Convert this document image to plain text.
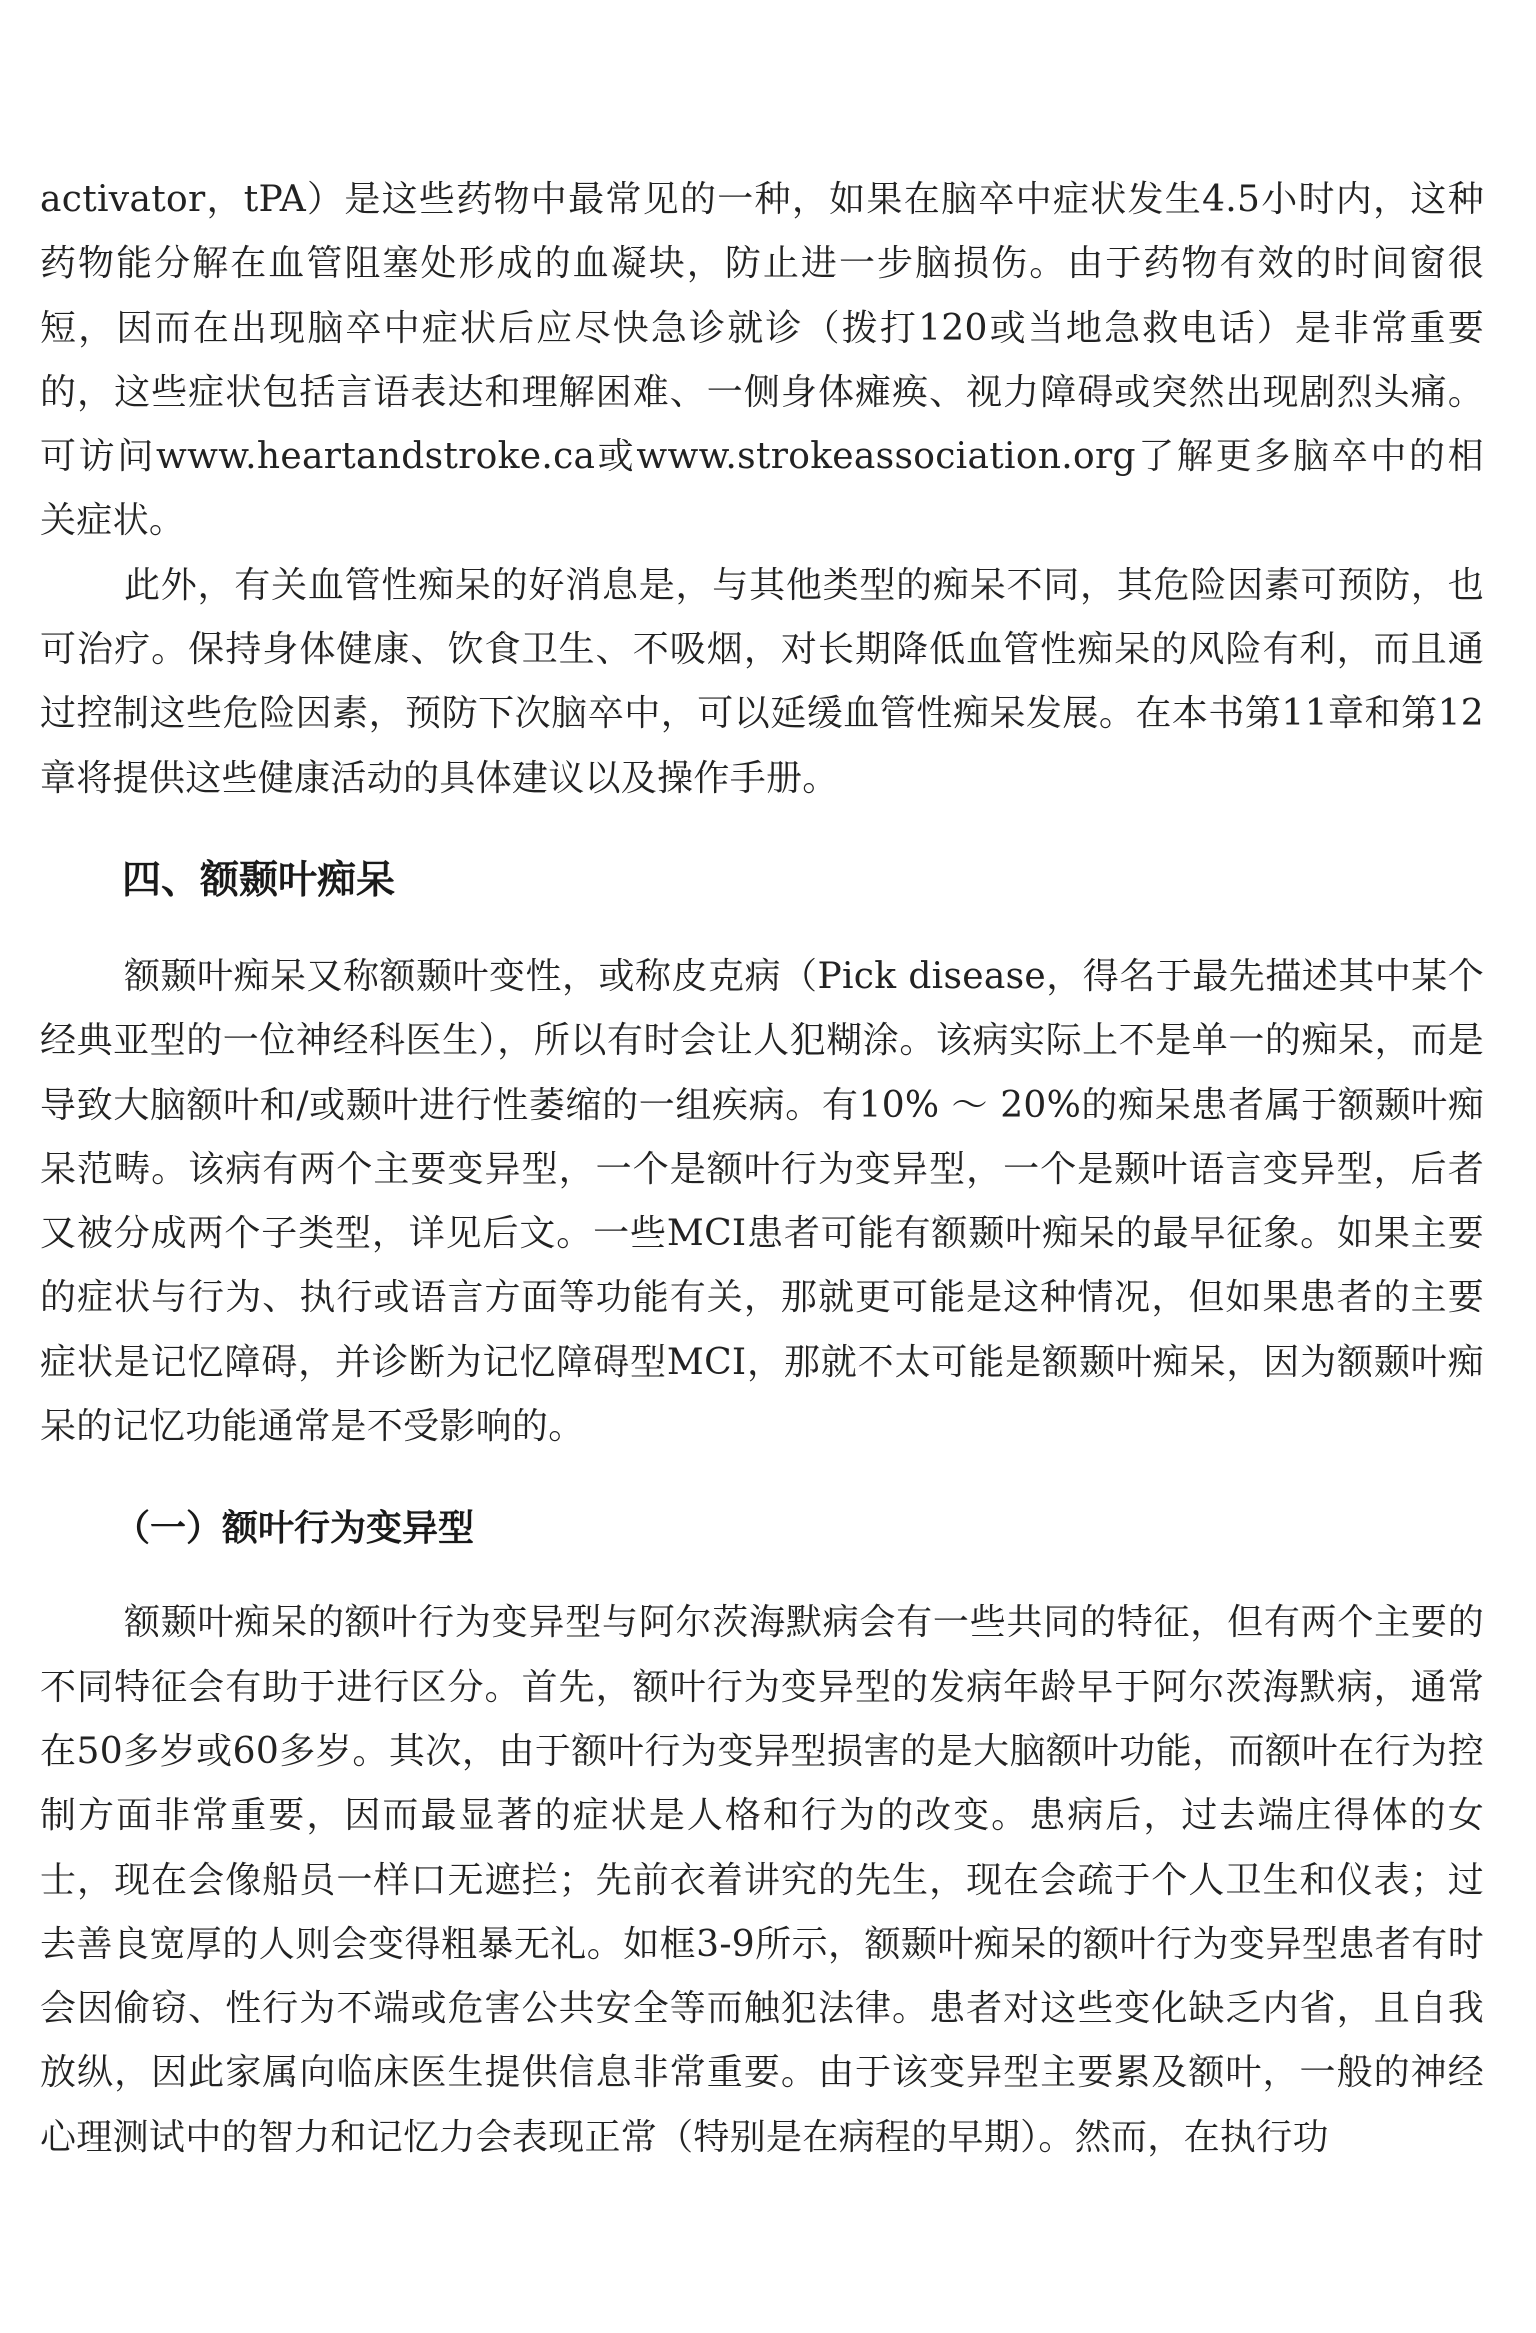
activator，tPA）是这些药物中最常见的一种，如果在脑卒中症状发生4.5小时内，这种药物能分解在血管阻塞处形成的血凝块，防止进一步脑损伤。由于药物有效的时间窗很短，因而在出现脑卒中症状后应尽快急诊就诊（拨打120或当地急救电话）是非常重要的，这些症状包括言语表达和理解困难、一侧身体瘫痪、视力障碍或突然出现剧烈头痛。可访问www.heartandstroke.ca或www.strokeassociation.org了解更多脑卒中的相关症状。

此外，有关血管性痴呆的好消息是，与其他类型的痴呆不同，其危险因素可预防，也可治疗。保持身体健康、饮食卫生、不吸烟，对长期降低血管性痴呆的风险有利，而且通过控制这些危险因素，预防下次脑卒中，可以延缓血管性痴呆发展。在本书第11章和第12章将提供这些健康活动的具体建议以及操作手册。

四、额颞叶痴呆

额颞叶痴呆又称额颞叶变性，或称皮克病（Pick disease，得名于最先描述其中某个经典亚型的一位神经科医生），所以有时会让人犯糊涂。该病实际上不是单一的痴呆，而是导致大脑额叶和/或颞叶进行性萎缩的一组疾病。有10% ～ 20%的痴呆患者属于额颞叶痴呆范畴。该病有两个主要变异型，一个是额叶行为变异型，一个是颞叶语言变异型，后者又被分成两个子类型，详见后文。一些MCI患者可能有额颞叶痴呆的最早征象。如果主要的症状与行为、执行或语言方面等功能有关，那就更可能是这种情况，但如果患者的主要症状是记忆障碍，并诊断为记忆障碍型MCI，那就不太可能是额颞叶痴呆，因为额颞叶痴呆的记忆功能通常是不受影响的。

（一）额叶行为变异型

额颞叶痴呆的额叶行为变异型与阿尔茨海默病会有一些共同的特征，但有两个主要的不同特征会有助于进行区分。首先，额叶行为变异型的发病年龄早于阿尔茨海默病，通常在50多岁或60多岁。其次，由于额叶行为变异型损害的是大脑额叶功能，而额叶在行为控制方面非常重要，因而最显著的症状是人格和行为的改变。患病后，过去端庄得体的女士，现在会像船员一样口无遮拦；先前衣着讲究的先生，现在会疏于个人卫生和仪表；过去善良宽厚的人则会变得粗暴无礼。如框3-9所示，额颞叶痴呆的额叶行为变异型患者有时会因偷窃、性行为不端或危害公共安全等而触犯法律。患者对这些变化缺乏内省，且自我放纵，因此家属向临床医生提供信息非常重要。由于该变异型主要累及额叶，一般的神经心理测试中的智力和记忆力会表现正常（特别是在病程的早期）。然而，在执行功
